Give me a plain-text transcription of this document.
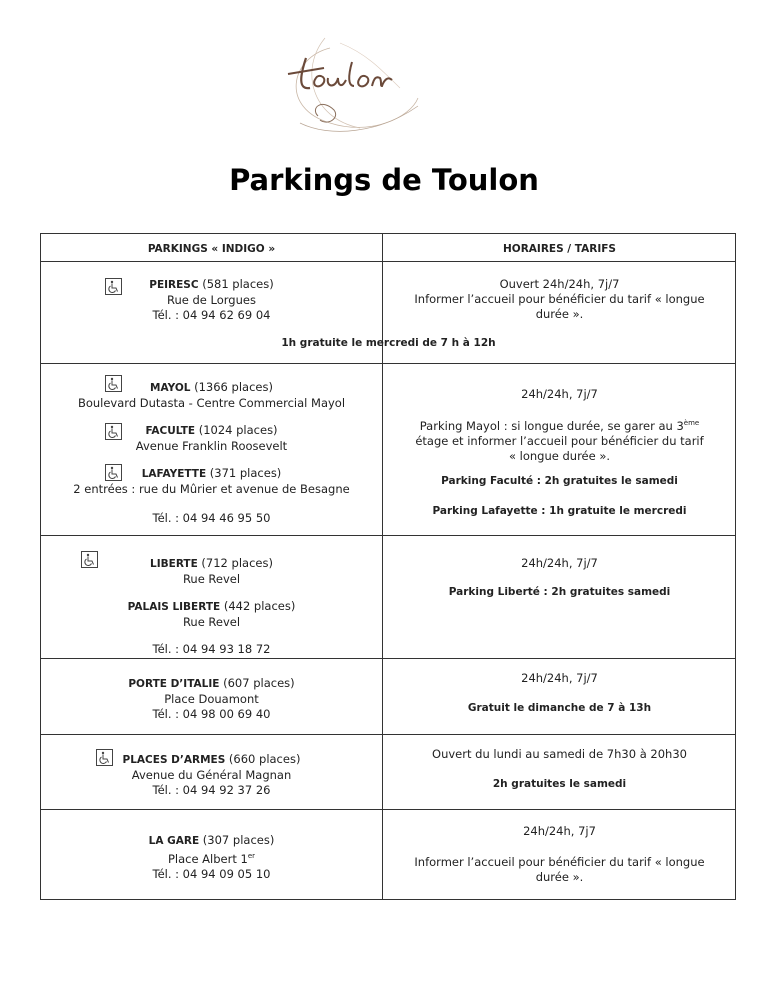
Parkings de Toulon
PARKINGS « INDIGO »	HORAIRES / TARIFS
PEIRESC (581 places)
Rue de Lorgues
Tél. : 04 94 62 69 04
Ouvert 24h/24h, 7j/7
Informer l’accueil pour bénéficier du tarif « longue
durée ».
1h gratuite le mercredi de 7 h à 12h
MAYOL (1366 places)
Boulevard Dutasta - Centre Commercial Mayol
FACULTE (1024 places)
Avenue Franklin Roosevelt
LAFAYETTE (371 places)
2 entrées : rue du Mûrier et avenue de Besagne
Tél. : 04 94 46 95 50
24h/24h, 7j/7
Parking Mayol : si longue durée, se garer au 3ème
étage et informer l’accueil pour bénéficier du tarif
« longue durée ».
Parking Faculté : 2h gratuites le samedi
Parking Lafayette : 1h gratuite le mercredi
LIBERTE (712 places)
Rue Revel
PALAIS LIBERTE (442 places)
Rue Revel
Tél. : 04 94 93 18 72
24h/24h, 7j/7
Parking Liberté : 2h gratuites samedi
PORTE D’ITALIE (607 places)
Place Douamont
Tél. : 04 98 00 69 40
24h/24h, 7j/7
Gratuit le dimanche de 7 à 13h
PLACES D’ARMES (660 places)
Avenue du Général Magnan
Tél. : 04 94 92 37 26
Ouvert du lundi au samedi de 7h30 à 20h30
2h gratuites le samedi
LA GARE (307 places)
Place Albert 1er
Tél. : 04 94 09 05 10
24h/24h, 7j7
Informer l’accueil pour bénéficier du tarif « longue
durée ».
